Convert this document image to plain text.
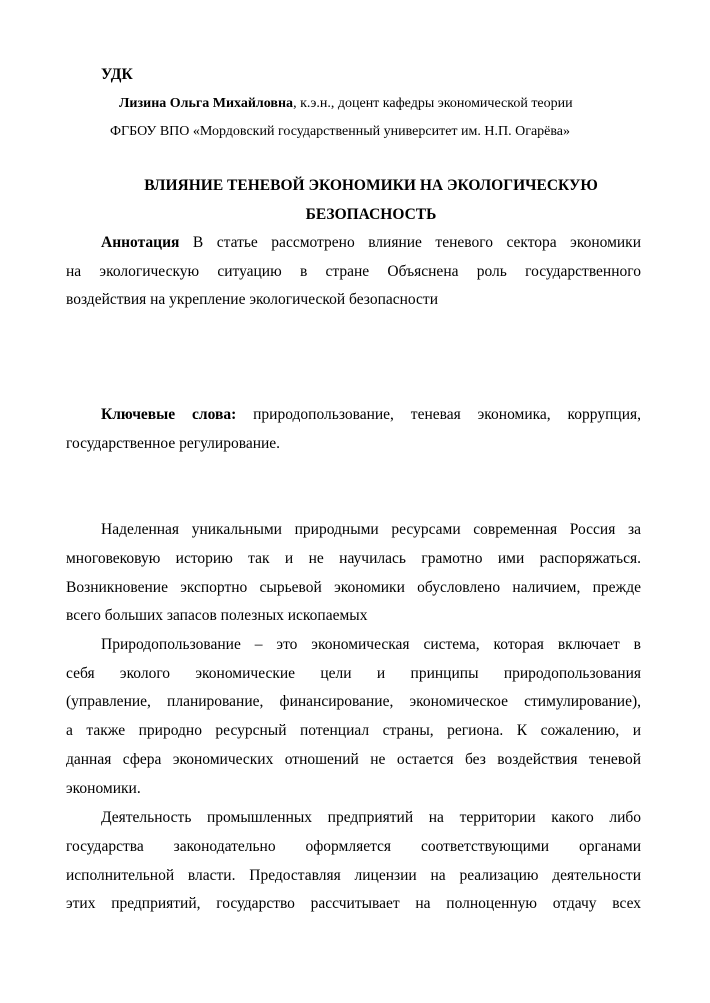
УДК
Лизина Ольга Михайловна, к.э.н., доцент кафедры экономической теории
ФГБОУ ВПО «Мордовский государственный университет им. Н.П. Огарёва»
ВЛИЯНИЕ ТЕНЕВОЙ ЭКОНОМИКИ НА ЭКОЛОГИЧЕСКУЮ
БЕЗОПАСНОСТЬ
Аннотация В статье рассмотрено влияние теневого сектора экономики
на экологическую ситуацию в стране Объяснена роль государственного
воздействия на укрепление экологической безопасности
Ключевые слова: природопользование, теневая экономика, коррупция,
государственное регулирование.
Наделенная уникальными природными ресурсами современная Россия за
многовековую историю так и не научилась грамотно ими распоряжаться.
Возникновение экспортно сырьевой экономики обусловлено наличием, прежде
всего больших запасов полезных ископаемых
Природопользование – это экономическая система, которая включает в
себя эколого экономические цели и принципы природопользования
(управление, планирование, финансирование, экономическое стимулирование),
а также природно ресурсный потенциал страны, региона. К сожалению, и
данная сфера экономических отношений не остается без воздействия теневой
экономики.
Деятельность промышленных предприятий на территории какого либо
государства законодательно оформляется соответствующими органами
исполнительной власти. Предоставляя лицензии на реализацию деятельности
этих предприятий, государство рассчитывает на полноценную отдачу всех
